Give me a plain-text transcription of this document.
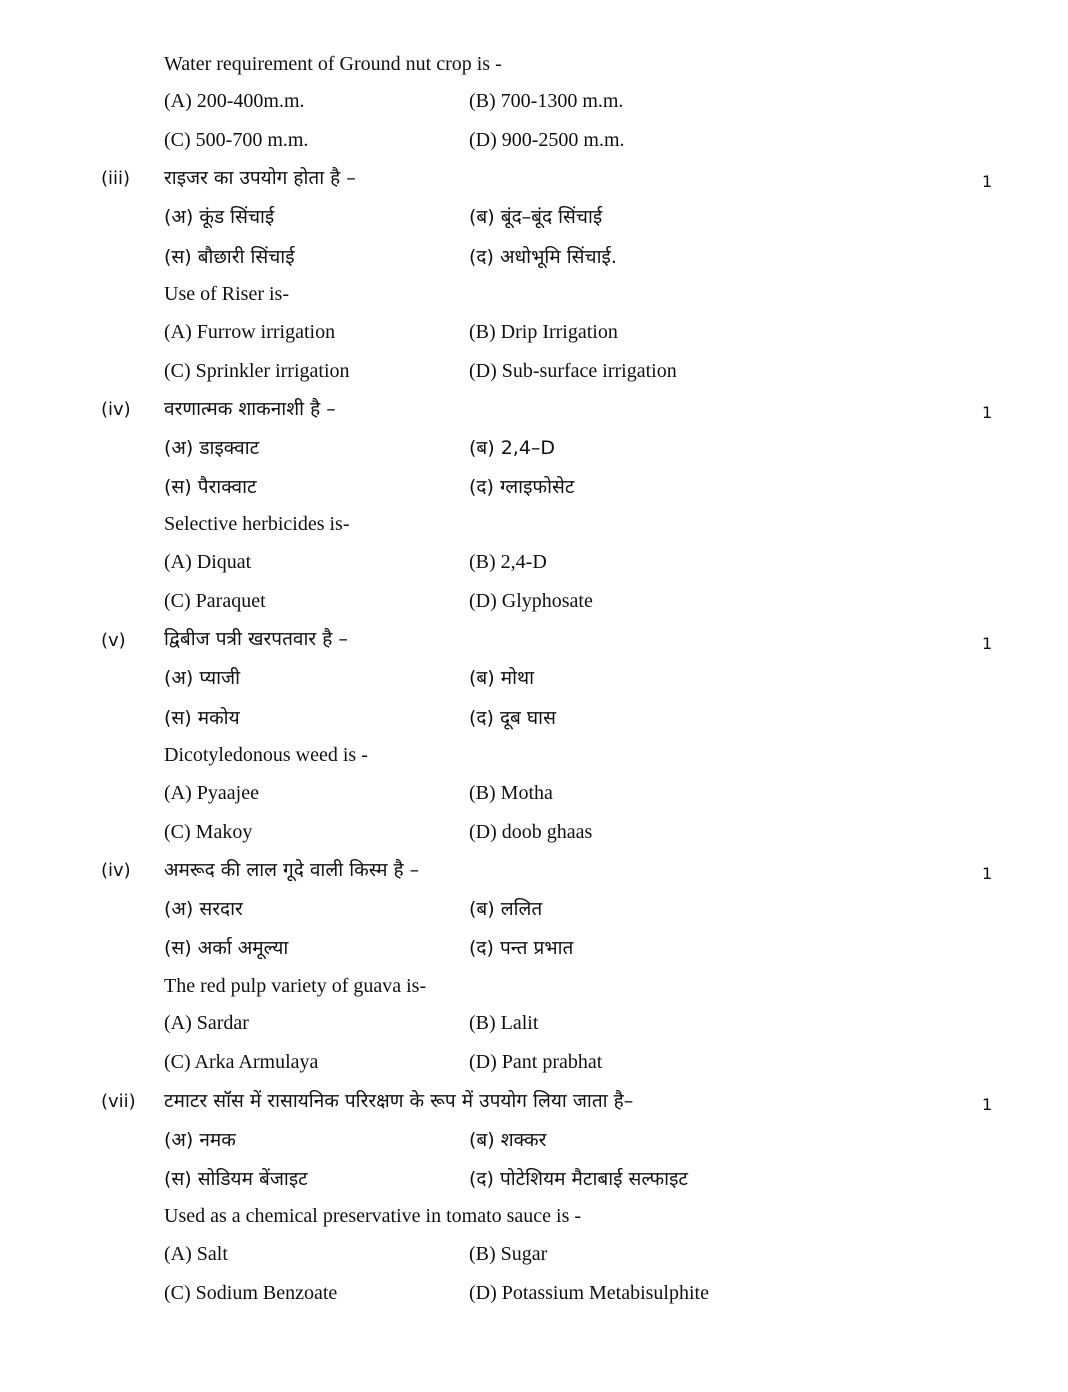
Water requirement of Ground nut crop is -
(A) 200-400m.m.	(B) 700-1300 m.m.
(C) 500-700 m.m.	(D) 900-2500 m.m.
(iii) राइजर का उपयोग होता है –	1
(अ) कूंड सिंचाई	(ब) बूंद–बूंद सिंचाई
(स) बौछारी सिंचाई	(द) अधोभूमि सिंचाई.
Use of Riser is-
(A) Furrow irrigation	(B) Drip Irrigation
(C) Sprinkler irrigation	(D) Sub-surface irrigation
(iv) वरणात्मक शाकनाशी है –	1
(अ) डाइक्वाट	(ब) 2,4–D
(स) पैराक्वाट	(द) ग्लाइफोसेट
Selective herbicides is-
(A) Diquat	(B) 2,4-D
(C) Paraquet	(D) Glyphosate
(v) द्विबीज पत्री खरपतवार है –	1
(अ) प्याजी	(ब) मोथा
(स) मकोय	(द) दूब घास
Dicotyledonous weed is -
(A) Pyaajee	(B) Motha
(C) Makoy	(D) doob ghaas
(iv) अमरूद की लाल गूदे वाली किस्म है –	1
(अ) सरदार	(ब) ललित
(स) अर्का अमूल्या	(द) पन्त प्रभात
The red pulp variety of guava is-
(A) Sardar	(B) Lalit
(C) Arka Armulaya	(D) Pant prabhat
(vii) टमाटर सॉस में रासायनिक परिरक्षण के रूप में उपयोग लिया जाता है–	1
(अ) नमक	(ब) शक्कर
(स) सोडियम बेंजाइट	(द) पोटेशियम मैटाबाई सल्फाइट
Used as a chemical preservative in tomato sauce is -
(A) Salt	(B) Sugar
(C) Sodium Benzoate	(D) Potassium Metabisulphite
